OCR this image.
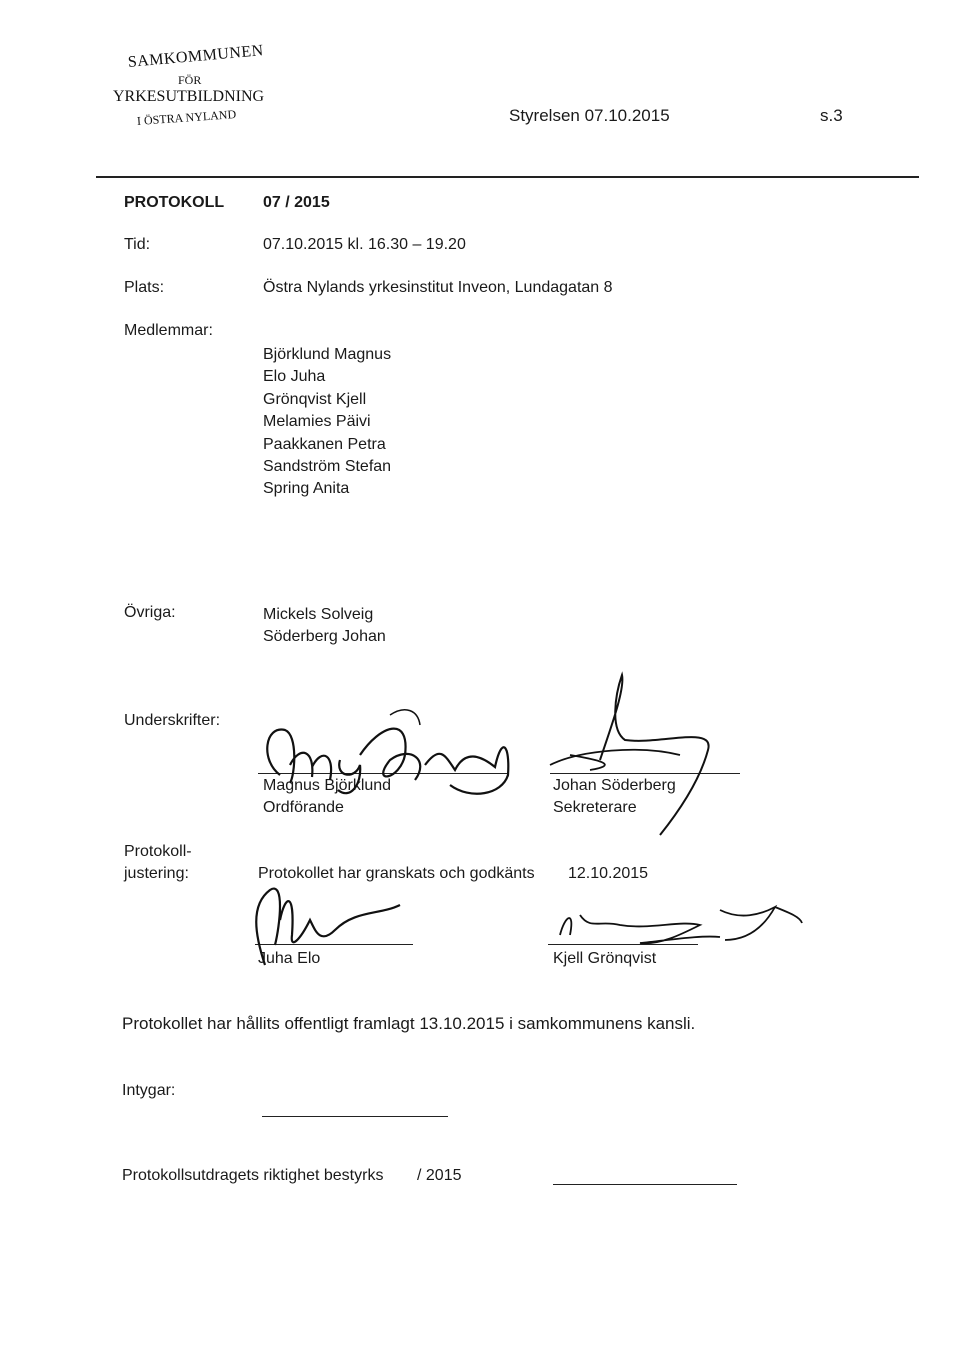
SAMKOMMUNEN
FÖR
YRKESUTBILDNING
I ÖSTRA NYLAND	Styrelsen 07.10.2015	s.3
PROTOKOLL 07 / 2015
Tid:	07.10.2015 kl. 16.30 – 19.20
Plats:	Östra Nylands yrkesinstitut Inveon, Lundagatan 8
Medlemmar:
Björklund Magnus
Elo Juha
Grönqvist Kjell
Melamies Päivi
Paakkanen Petra
Sandström Stefan
Spring Anita
Övriga:	Mickels Solveig
Söderberg Johan
Underskrifter:
Magnus Björklund
Ordförande
Johan Söderberg
Sekreterare
Protokoll-
justering:	Protokollet har granskats och godkänts 12.10.2015
Juha Elo	Kjell Grönqvist
Protokollet har hållits offentligt framlagt 13.10.2015 i samkommunens kansli.
Intygar:
Protokollsutdragets riktighet bestyrks / 2015
